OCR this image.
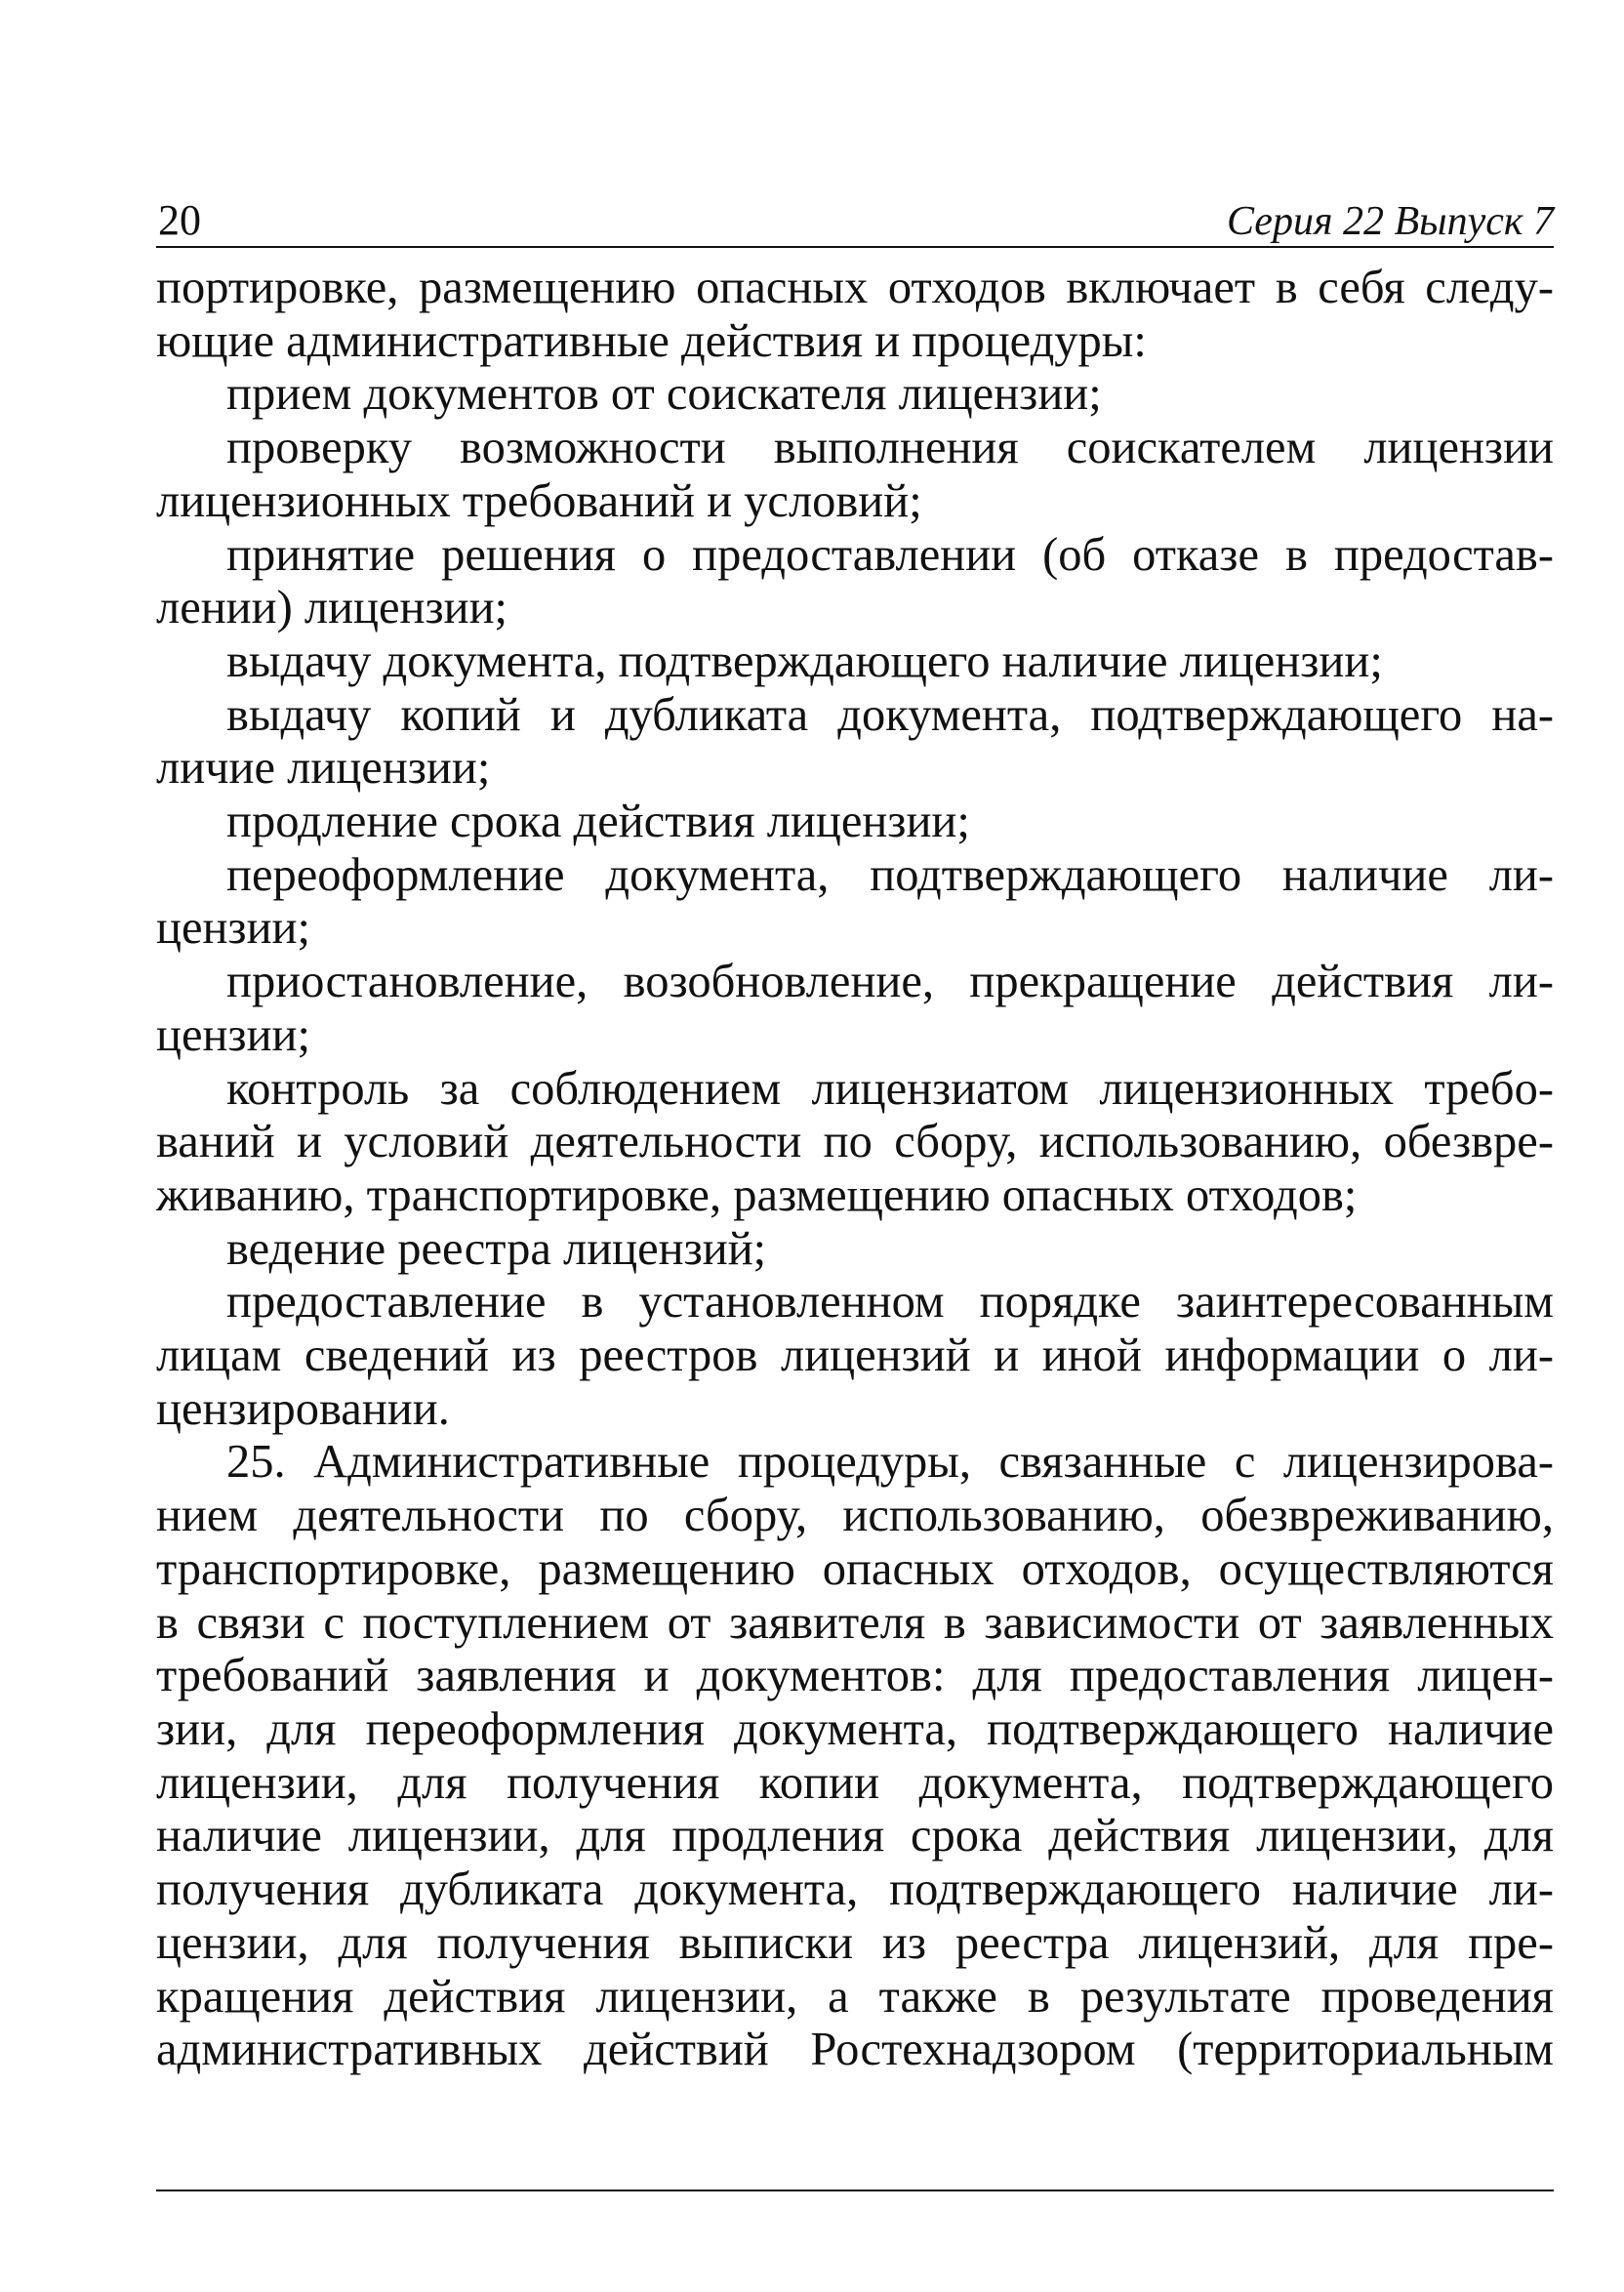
20	Серия 22 Выпуск 7
портировке, размещению опасных отходов включает в себя следу-
ющие административные действия и процедуры:
прием документов от соискателя лицензии;
проверку возможности выполнения соискателем лицензии
лицензионных требований и условий;
принятие решения о предоставлении (об отказе в предостав-
лении) лицензии;
выдачу документа, подтверждающего наличие лицензии;
выдачу копий и дубликата документа, подтверждающего на-
личие лицензии;
продление срока действия лицензии;
переоформление документа, подтверждающего наличие ли-
цензии;
приостановление, возобновление, прекращение действия ли-
цензии;
контроль за соблюдением лицензиатом лицензионных требо-
ваний и условий деятельности по сбору, использованию, обезвре-
живанию, транспортировке, размещению опасных отходов;
ведение реестра лицензий;
предоставление в установленном порядке заинтересованным
лицам сведений из реестров лицензий и иной информации о ли-
цензировании.
25. Административные процедуры, связанные с лицензирова-
нием деятельности по сбору, использованию, обезвреживанию,
транспортировке, размещению опасных отходов, осуществляются
в связи с поступлением от заявителя в зависимости от заявленных
требований заявления и документов: для предоставления лицен-
зии, для переоформления документа, подтверждающего наличие
лицензии, для получения копии документа, подтверждающего
наличие лицензии, для продления срока действия лицензии, для
получения дубликата документа, подтверждающего наличие ли-
цензии, для получения выписки из реестра лицензий, для пре-
кращения действия лицензии, а также в результате проведения
административных действий Ростехнадзором (территориальным
